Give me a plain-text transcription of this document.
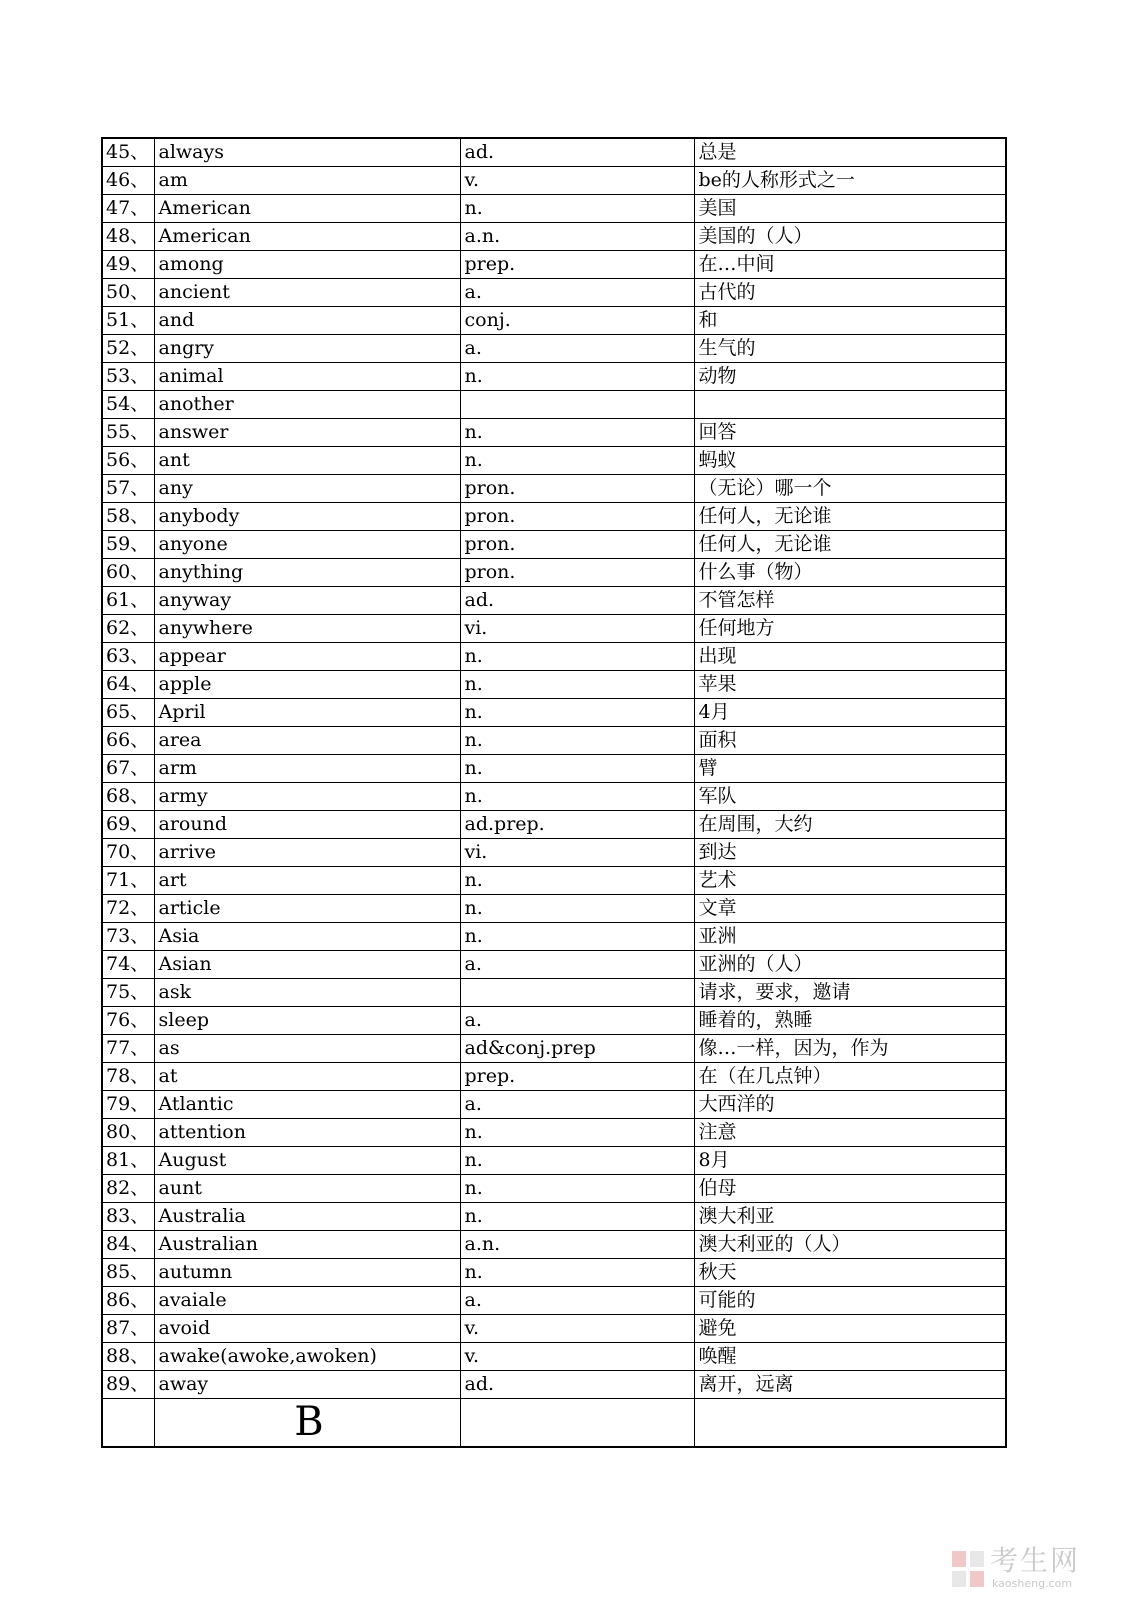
45、	always	ad.	总是
46、	am	v.	be的人称形式之一
47、	American	n.	美国
48、	American	a.n.	美国的（人）
49、	among	prep.	在…中间
50、	ancient	a.	古代的
51、	and	conj.	和
52、	angry	a.	生气的
53、	animal	n.	动物
54、	another		
55、	answer	n.	回答
56、	ant	n.	蚂蚁
57、	any	pron.	（无论）哪一个
58、	anybody	pron.	任何人，无论谁
59、	anyone	pron.	任何人，无论谁
60、	anything	pron.	什么事（物）
61、	anyway	ad.	不管怎样
62、	anywhere	vi.	任何地方
63、	appear	n.	出现
64、	apple	n.	苹果
65、	April	n.	4月
66、	area	n.	面积
67、	arm	n.	臂
68、	army	n.	军队
69、	around	ad.prep.	在周围，大约
70、	arrive	vi.	到达
71、	art	n.	艺术
72、	article	n.	文章
73、	Asia	n.	亚洲
74、	Asian	a.	亚洲的（人）
75、	ask		请求，要求，邀请
76、	sleep	a.	睡着的，熟睡
77、	as	ad&conj.prep	像…一样，因为，作为
78、	at	prep.	在（在几点钟）
79、	Atlantic	a.	大西洋的
80、	attention	n.	注意
81、	August	n.	8月
82、	aunt	n.	伯母
83、	Australia	n.	澳大利亚
84、	Australian	a.n.	澳大利亚的（人）
85、	autumn	n.	秋天
86、	avaiale	a.	可能的
87、	avoid	v.	避免
88、	awake(awoke,awoken)	v.	唤醒
89、	away	ad.	离开，远离
	B		
考生网
kaosheng.com
